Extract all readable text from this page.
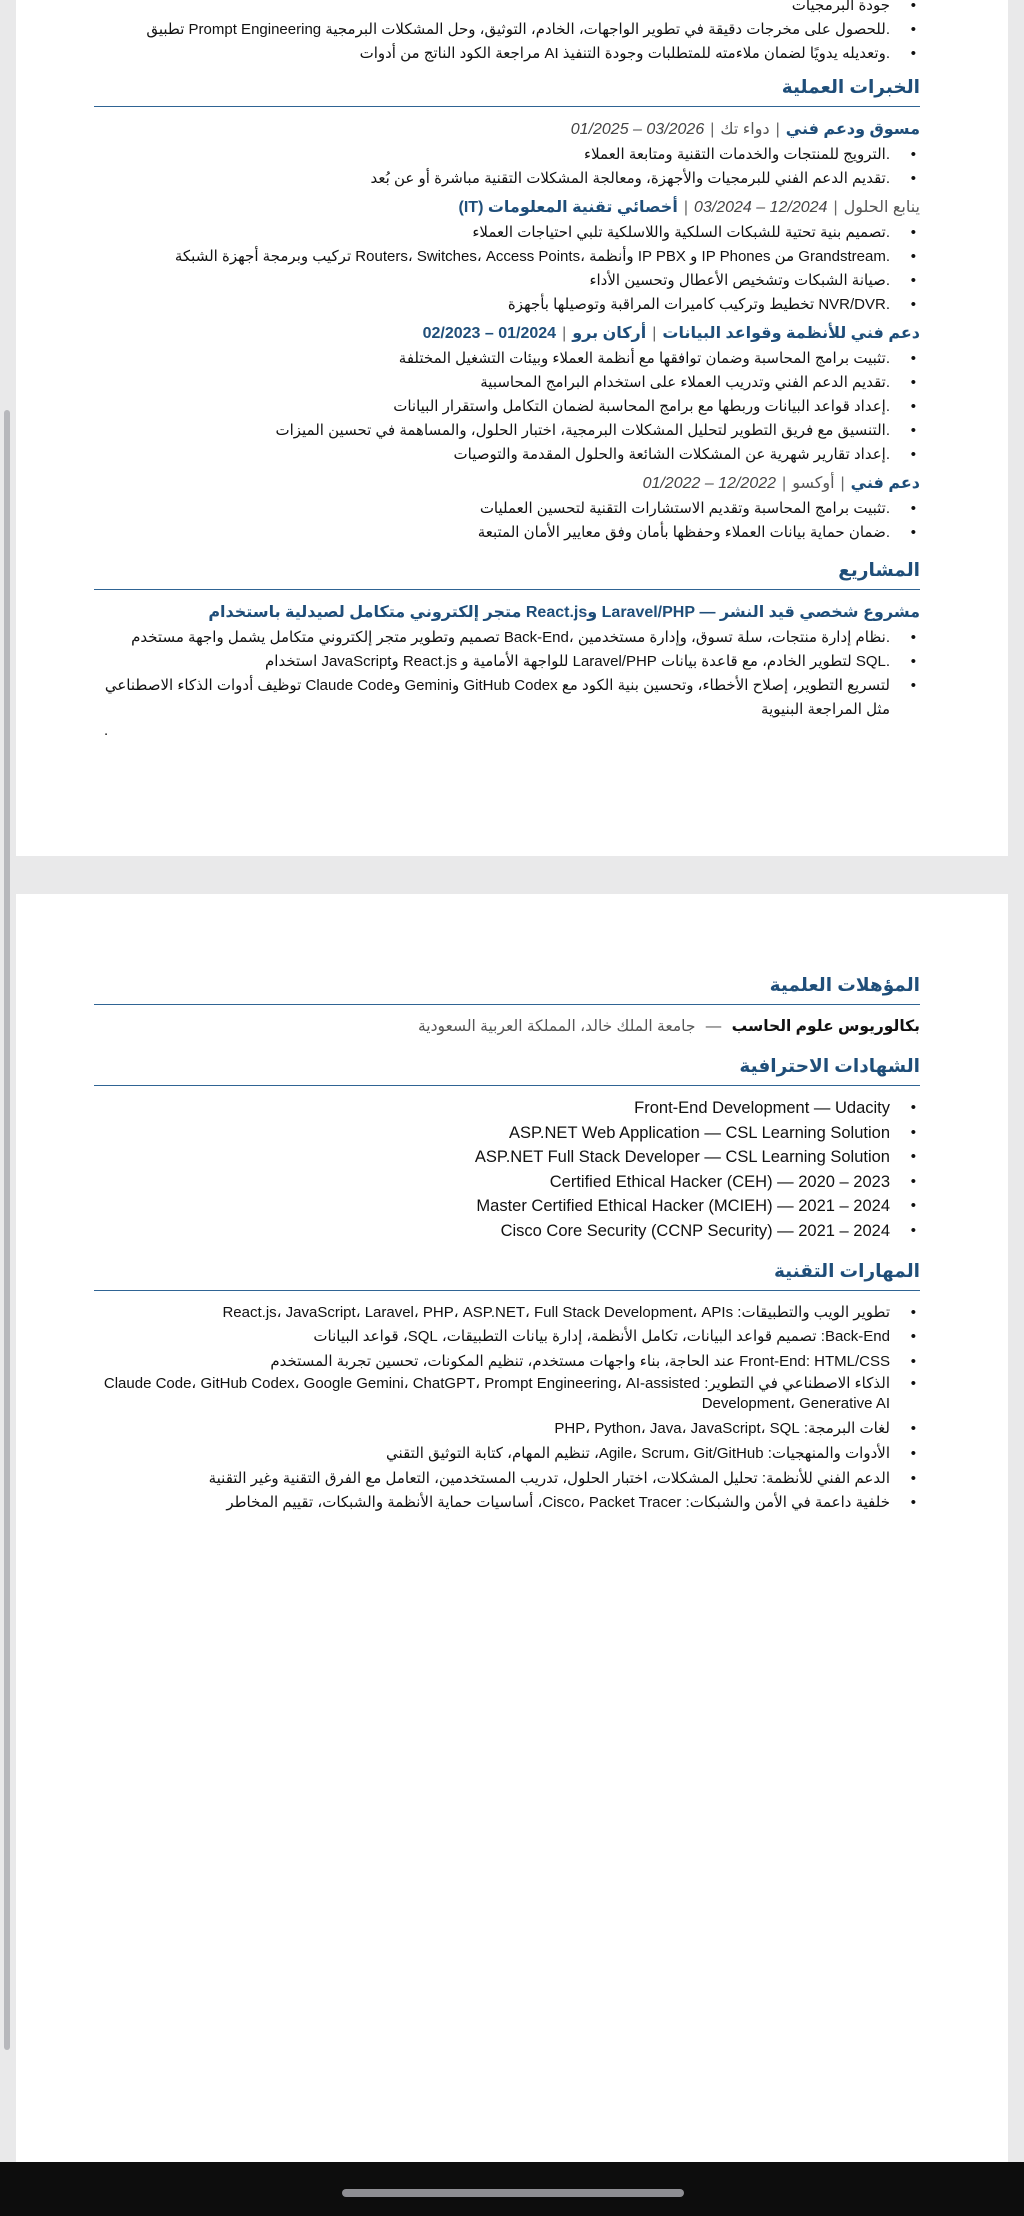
• جودة البرمجيات
• .للحصول على مخرجات دقيقة في تطوير الواجهات، الخادم، التوثيق، وحل المشكلات البرمجية Prompt Engineering تطبيق
• .وتعديله يدويًا لضمان ملاءمته للمتطلبات وجودة التنفيذ AI مراجعة الكود الناتج من أدوات
الخبرات العملية
مسوق ودعم فني|دواء تك|01/2025 – 03/2026
• .الترويج للمنتجات والخدمات التقنية ومتابعة العملاء
• .تقديم الدعم الفني للبرمجيات والأجهزة، ومعالجة المشكلات التقنية مباشرة أو عن بُعد
ينابع الحلول|03/2024 – 12/2024|أخصائي تقنية المعلومات (IT)
• .تصميم بنية تحتية للشبكات السلكية واللاسلكية تلبي احتياجات العملاء
• .Grandstream من IP Phones و IP PBX وأنظمة ،Routers، Switches، Access Points تركيب وبرمجة أجهزة الشبكة
• .صيانة الشبكات وتشخيص الأعطال وتحسين الأداء
• .NVR/DVR تخطيط وتركيب كاميرات المراقبة وتوصيلها بأجهزة
دعم فني للأنظمة وقواعد البيانات|أركان برو|02/2023 – 01/2024
• .تثبيت برامج المحاسبة وضمان توافقها مع أنظمة العملاء وبيئات التشغيل المختلفة
• .تقديم الدعم الفني وتدريب العملاء على استخدام البرامج المحاسبية
• .إعداد قواعد البيانات وربطها مع برامج المحاسبة لضمان التكامل واستقرار البيانات
• .التنسيق مع فريق التطوير لتحليل المشكلات البرمجية، اختبار الحلول، والمساهمة في تحسين الميزات
• .إعداد تقارير شهرية عن المشكلات الشائعة والحلول المقدمة والتوصيات
دعم فني|أوكسو|01/2022 – 12/2022
• .تثبيت برامج المحاسبة وتقديم الاستشارات التقنية لتحسين العمليات
• .ضمان حماية بيانات العملاء وحفظها بأمان وفق معايير الأمان المتبعة
المشاريع
مشروع شخصي قيد النشر — Laravel/PHP وReact.js متجر إلكتروني متكامل لصيدلية باستخدام
• .نظام إدارة منتجات، سلة تسوق، وإدارة مستخدمين ،Back-End تصميم وتطوير متجر إلكتروني متكامل يشمل واجهة مستخدم
• .SQL لتطوير الخادم، مع قاعدة بيانات Laravel/PHP للواجهة الأمامية و React.js وJavaScript استخدام
• لتسريع التطوير، إصلاح الأخطاء، وتحسين بنية الكود مع GitHub Codex وGemini وClaude Code توظيف أدوات الذكاء الاصطناعي مثل المراجعة البنيوية
.
المؤهلات العلمية
بكالوريوس علوم الحاسب — جامعة الملك خالد، المملكة العربية السعودية
الشهادات الاحترافية
• Front-End Development — Udacity
• ASP.NET Web Application — CSL Learning Solution
• ASP.NET Full Stack Developer — CSL Learning Solution
• Certified Ethical Hacker (CEH) — 2020 – 2023
• Master Certified Ethical Hacker (MCIEH) — 2021 – 2024
• Cisco Core Security (CCNP Security) — 2021 – 2024
المهارات التقنية
• تطوير الويب والتطبيقات: React.js، JavaScript، Laravel، PHP، ASP.NET، Full Stack Development، APIs
• Back-End: تصميم قواعد البيانات، تكامل الأنظمة، إدارة بيانات التطبيقات، SQL، قواعد البيانات
• Front-End: HTML/CSS عند الحاجة، بناء واجهات مستخدم، تنظيم المكونات، تحسين تجربة المستخدم
• الذكاء الاصطناعي في التطوير: Claude Code، GitHub Codex، Google Gemini، ChatGPT، Prompt Engineering، AI-assisted Development، Generative AI
• لغات البرمجة: PHP، Python، Java، JavaScript، SQL
• الأدوات والمنهجيات: Agile، Scrum، Git/GitHub، تنظيم المهام، كتابة التوثيق التقني
• الدعم الفني للأنظمة: تحليل المشكلات، اختبار الحلول، تدريب المستخدمين، التعامل مع الفرق التقنية وغير التقنية
• خلفية داعمة في الأمن والشبكات: Cisco، Packet Tracer، أساسيات حماية الأنظمة والشبكات، تقييم المخاطر
